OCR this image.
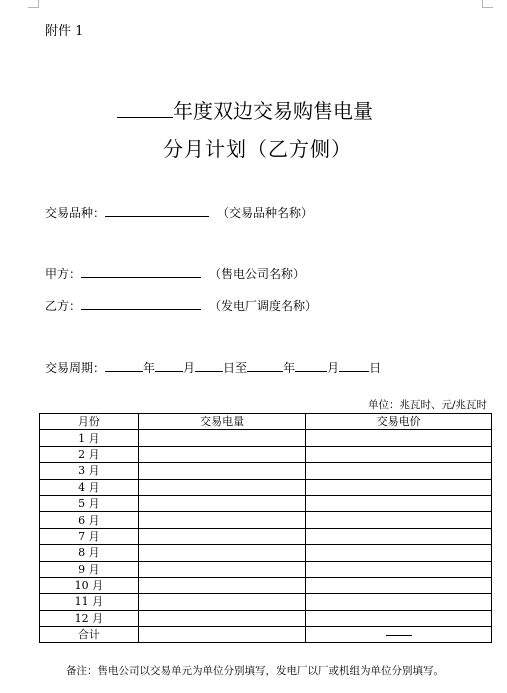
附件 1
年度双边交易购售电量
分月计划（乙方侧）
交易品种：	（交易品种名称）
甲方：	（售电公司名称）
乙方：	（发电厂调度名称）
交易周期：	年 月 日至	年	月	日
单位：兆瓦时、元/兆瓦时
月份	交易电量	交易电价
1 月		
2 月		
3 月		
4 月		
5 月		
6 月		
7 月		
8 月		
9 月		
10 月		
11 月		
12 月		
合计		
备注：售电公司以交易单元为单位分别填写，发电厂以厂或机组为单位分别填写。
